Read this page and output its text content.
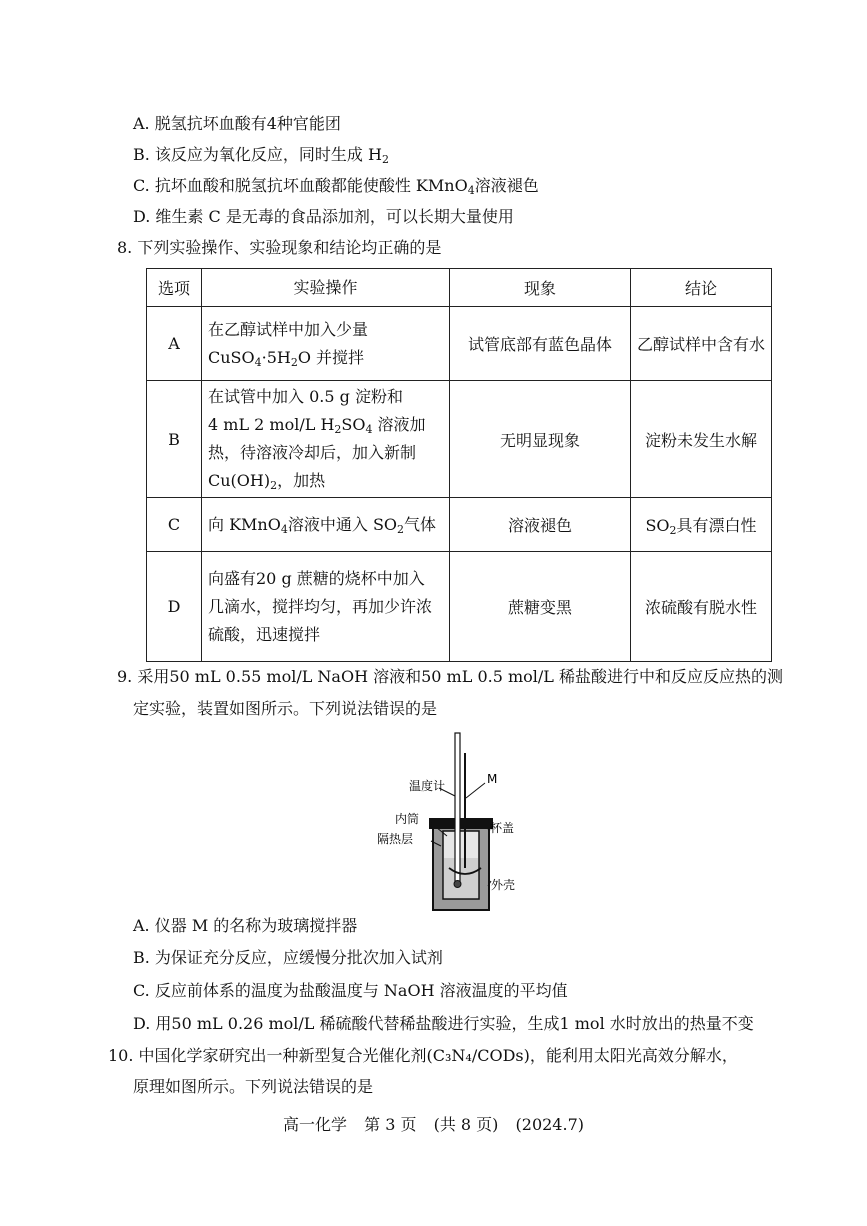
A. 脱氢抗坏血酸有4种官能团
B. 该反应为氧化反应，同时生成 $H_2$
C. 抗坏血酸和脱氢抗坏血酸都能使酸性 KMnO$_4$溶液褪色
D. 维生素 C 是无毒的食品添加剂，可以长期大量使用
8. 下列实验操作、实验现象和结论均正确的是
选项	实验操作	现象	结论
A	在乙醇试样中加入少量
$CuSO_4\cdot 5H_2O$ 并搅拌	试管底部有蓝色晶体	乙醇试样中含有水
B	在试管中加入 0.5 g 淀粉和
4 mL 2 mol/L $H_2SO_4$ 溶液加
热，待溶液冷却后，加入新制
$Cu(OH)_2$，加热	无明显现象	淀粉未发生水解
C	向 KMnO$_4$溶液中通入 $SO_2$气体	溶液褪色	$SO_2$具有漂白性
D	向盛有20 g 蔗糖的烧杯中加入
几滴水，搅拌均匀，再加少许浓
硫酸，迅速搅拌	蔗糖变黑	浓硫酸有脱水性
9. 采用50 mL 0.55 mol/L NaOH 溶液和50 mL 0.5 mol/L 稀盐酸进行中和反应反应热的测
定实验，装置如图所示。下列说法错误的是
温度计	M
内筒
杯盖
隔热层
外壳
A. 仪器 M 的名称为玻璃搅拌器
B. 为保证充分反应，应缓慢分批次加入试剂
C. 反应前体系的温度为盐酸温度与 NaOH 溶液温度的平均值
D. 用50 mL 0.26 mol/L 稀硫酸代替稀盐酸进行实验，生成1 mol 水时放出的热量不变
10. 中国化学家研究出一种新型复合光催化剂(C₃N₄/CODs)，能利用太阳光高效分解水，
原理如图所示。下列说法错误的是
高一化学 第 3 页 (共 8 页) (2024.7)
